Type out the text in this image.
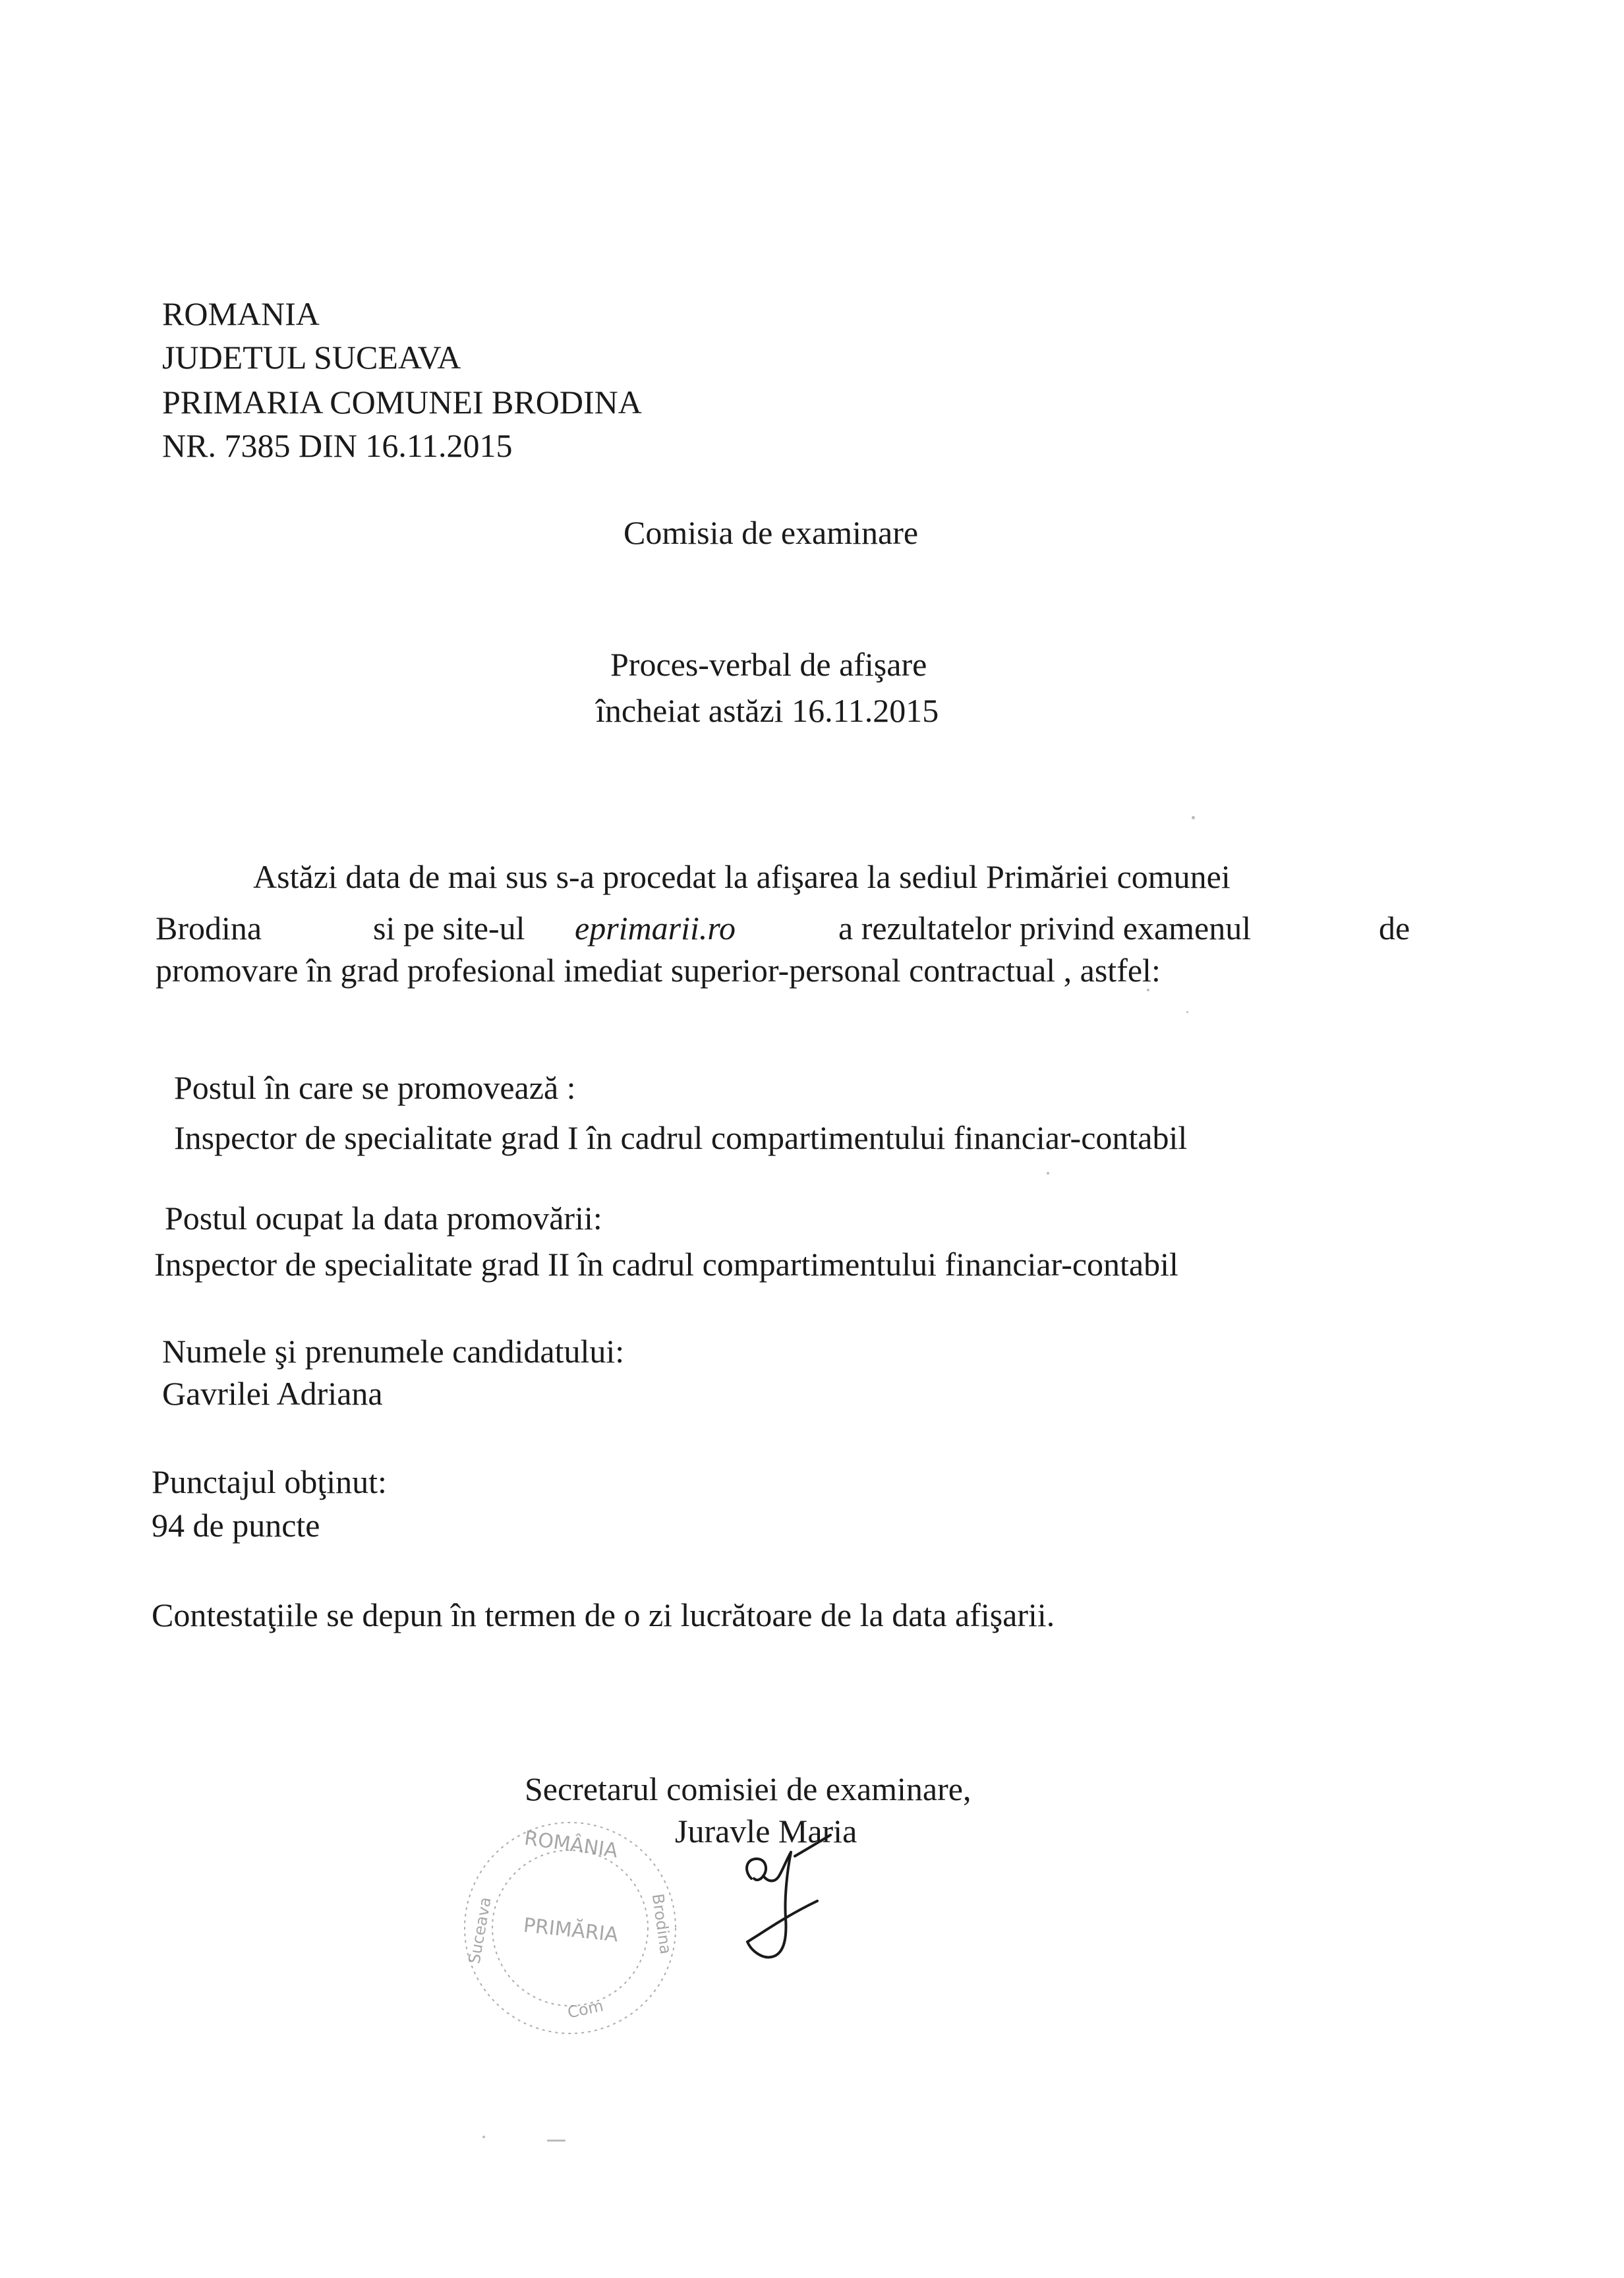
ROMANIA
JUDETUL SUCEAVA
PRIMARIA COMUNEI BRODINA
NR. 7385 DIN 16.11.2015
Comisia de examinare
Proces-verbal de afişare
încheiat astăzi 16.11.2015
Astăzi data de mai sus s-a procedat la afişarea la sediul Primăriei comunei
Brodina	si pe site-ul eprimarii.ro	a rezultatelor privind examenul	de
promovare în grad profesional imediat superior-personal contractual , astfel:
Postul în care se promovează :
Inspector de specialitate grad I în cadrul compartimentului financiar-contabil
Postul ocupat la data promovării:
Inspector de specialitate grad II în cadrul compartimentului financiar-contabil
Numele şi prenumele candidatului:
Gavrilei Adriana
Punctajul obţinut:
94 de puncte
Contestaţiile se depun în termen de o zi lucrătoare de la data afişarii.
Secretarul comisiei de examinare,
Juravle Maria
ROMÂNIA
PRIMĂRIA
Suceava	Brodina
Com
